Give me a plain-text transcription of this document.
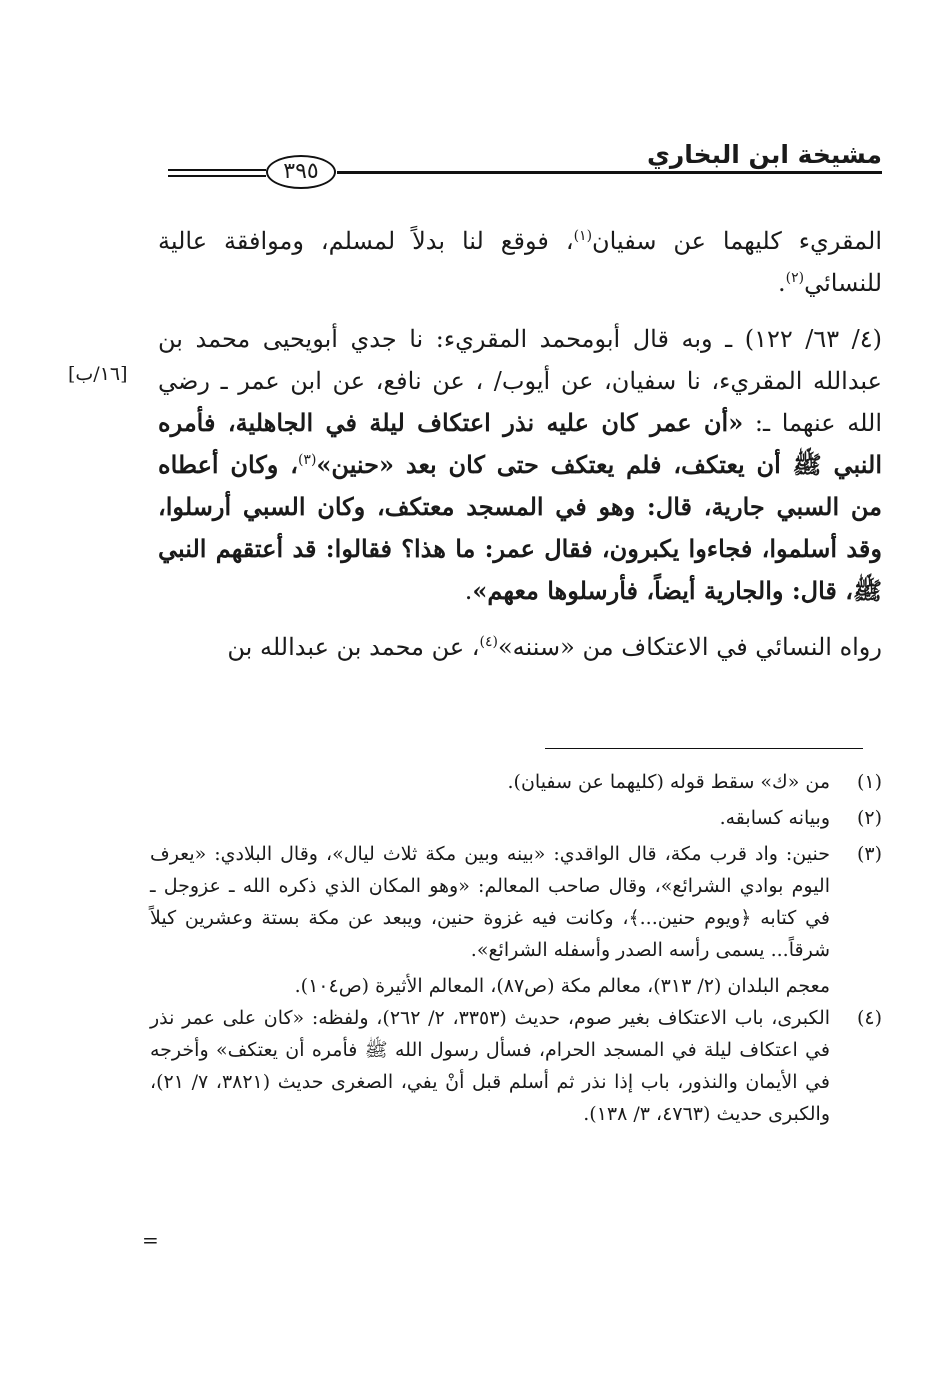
مشيخة ابن البخاري
٣٩٥
[١٦/ب]

المقريء كليهما عن سفيان$^{(١)}$، فوقع لنا بدلاً لمسلم، وموافقة عالية للنسائي$^{(٢)}$.

(٤/ ٦٣/ ١٢٢) ـ وبه قال أبومحمد المقريء: نا جدي أبويحيى محمد بن عبدالله المقريء، نا سفيان، عن أيوب/ ، عن نافع، عن ابن عمر ـ رضي الله عنهما ـ: «أن عمر كان عليه نذر اعتكاف ليلة في الجاهلية، فأمره النبي ﷺ أن يعتكف، فلم يعتكف حتى كان بعد «حنين»$^{(٣)}$، وكان أعطاه من السبي جارية، قال: وهو في المسجد معتكف، وكان السبي أرسلوا، وقد أسلموا، فجاءوا يكبرون، فقال عمر: ما هذا؟ فقالوا: قد أعتقهم النبي ﷺ، قال: والجارية أيضاً، فأرسلوها معهم».

رواه النسائي في الاعتكاف من «سننه»$^{(٤)}$، عن محمد بن عبدالله بن

(١)
من «ك» سقط قوله (كليهما عن سفيان).
(٢)
وبيانه كسابقه.
(٣)
حنين: واد قرب مكة، قال الواقدي: «بينه وبين مكة ثلاث ليال»، وقال البلادي: «يعرف اليوم بوادي الشرائع»، وقال صاحب المعالم: «وهو المكان الذي ذكره الله ـ عزوجل ـ في كتابه ﴿ويوم حنين...﴾، وكانت فيه غزوة حنين، ويبعد عن مكة بستة وعشرين كيلاً شرقاً... يسمى رأسه الصدر وأسفله الشرائع».
معجم البلدان (٢/ ٣١٣)، معالم مكة (ص٨٧)، المعالم الأثيرة (ص١٠٤).
(٤)
الكبرى، باب الاعتكاف بغير صوم، حديث (٣٣٥٣، ٢/ ٢٦٢)، ولفظه: «كان على عمر نذر في اعتكاف ليلة في المسجد الحرام، فسأل رسول الله ﷺ فأمره أن يعتكف» وأخرجه في الأيمان والنذور، باب إذا نذر ثم أسلم قبل أنْ يفي، الصغرى حديث (٣٨٢١، ٧/ ٢١)، والكبرى حديث (٤٧٦٣، ٣/ ١٣٨).
=
